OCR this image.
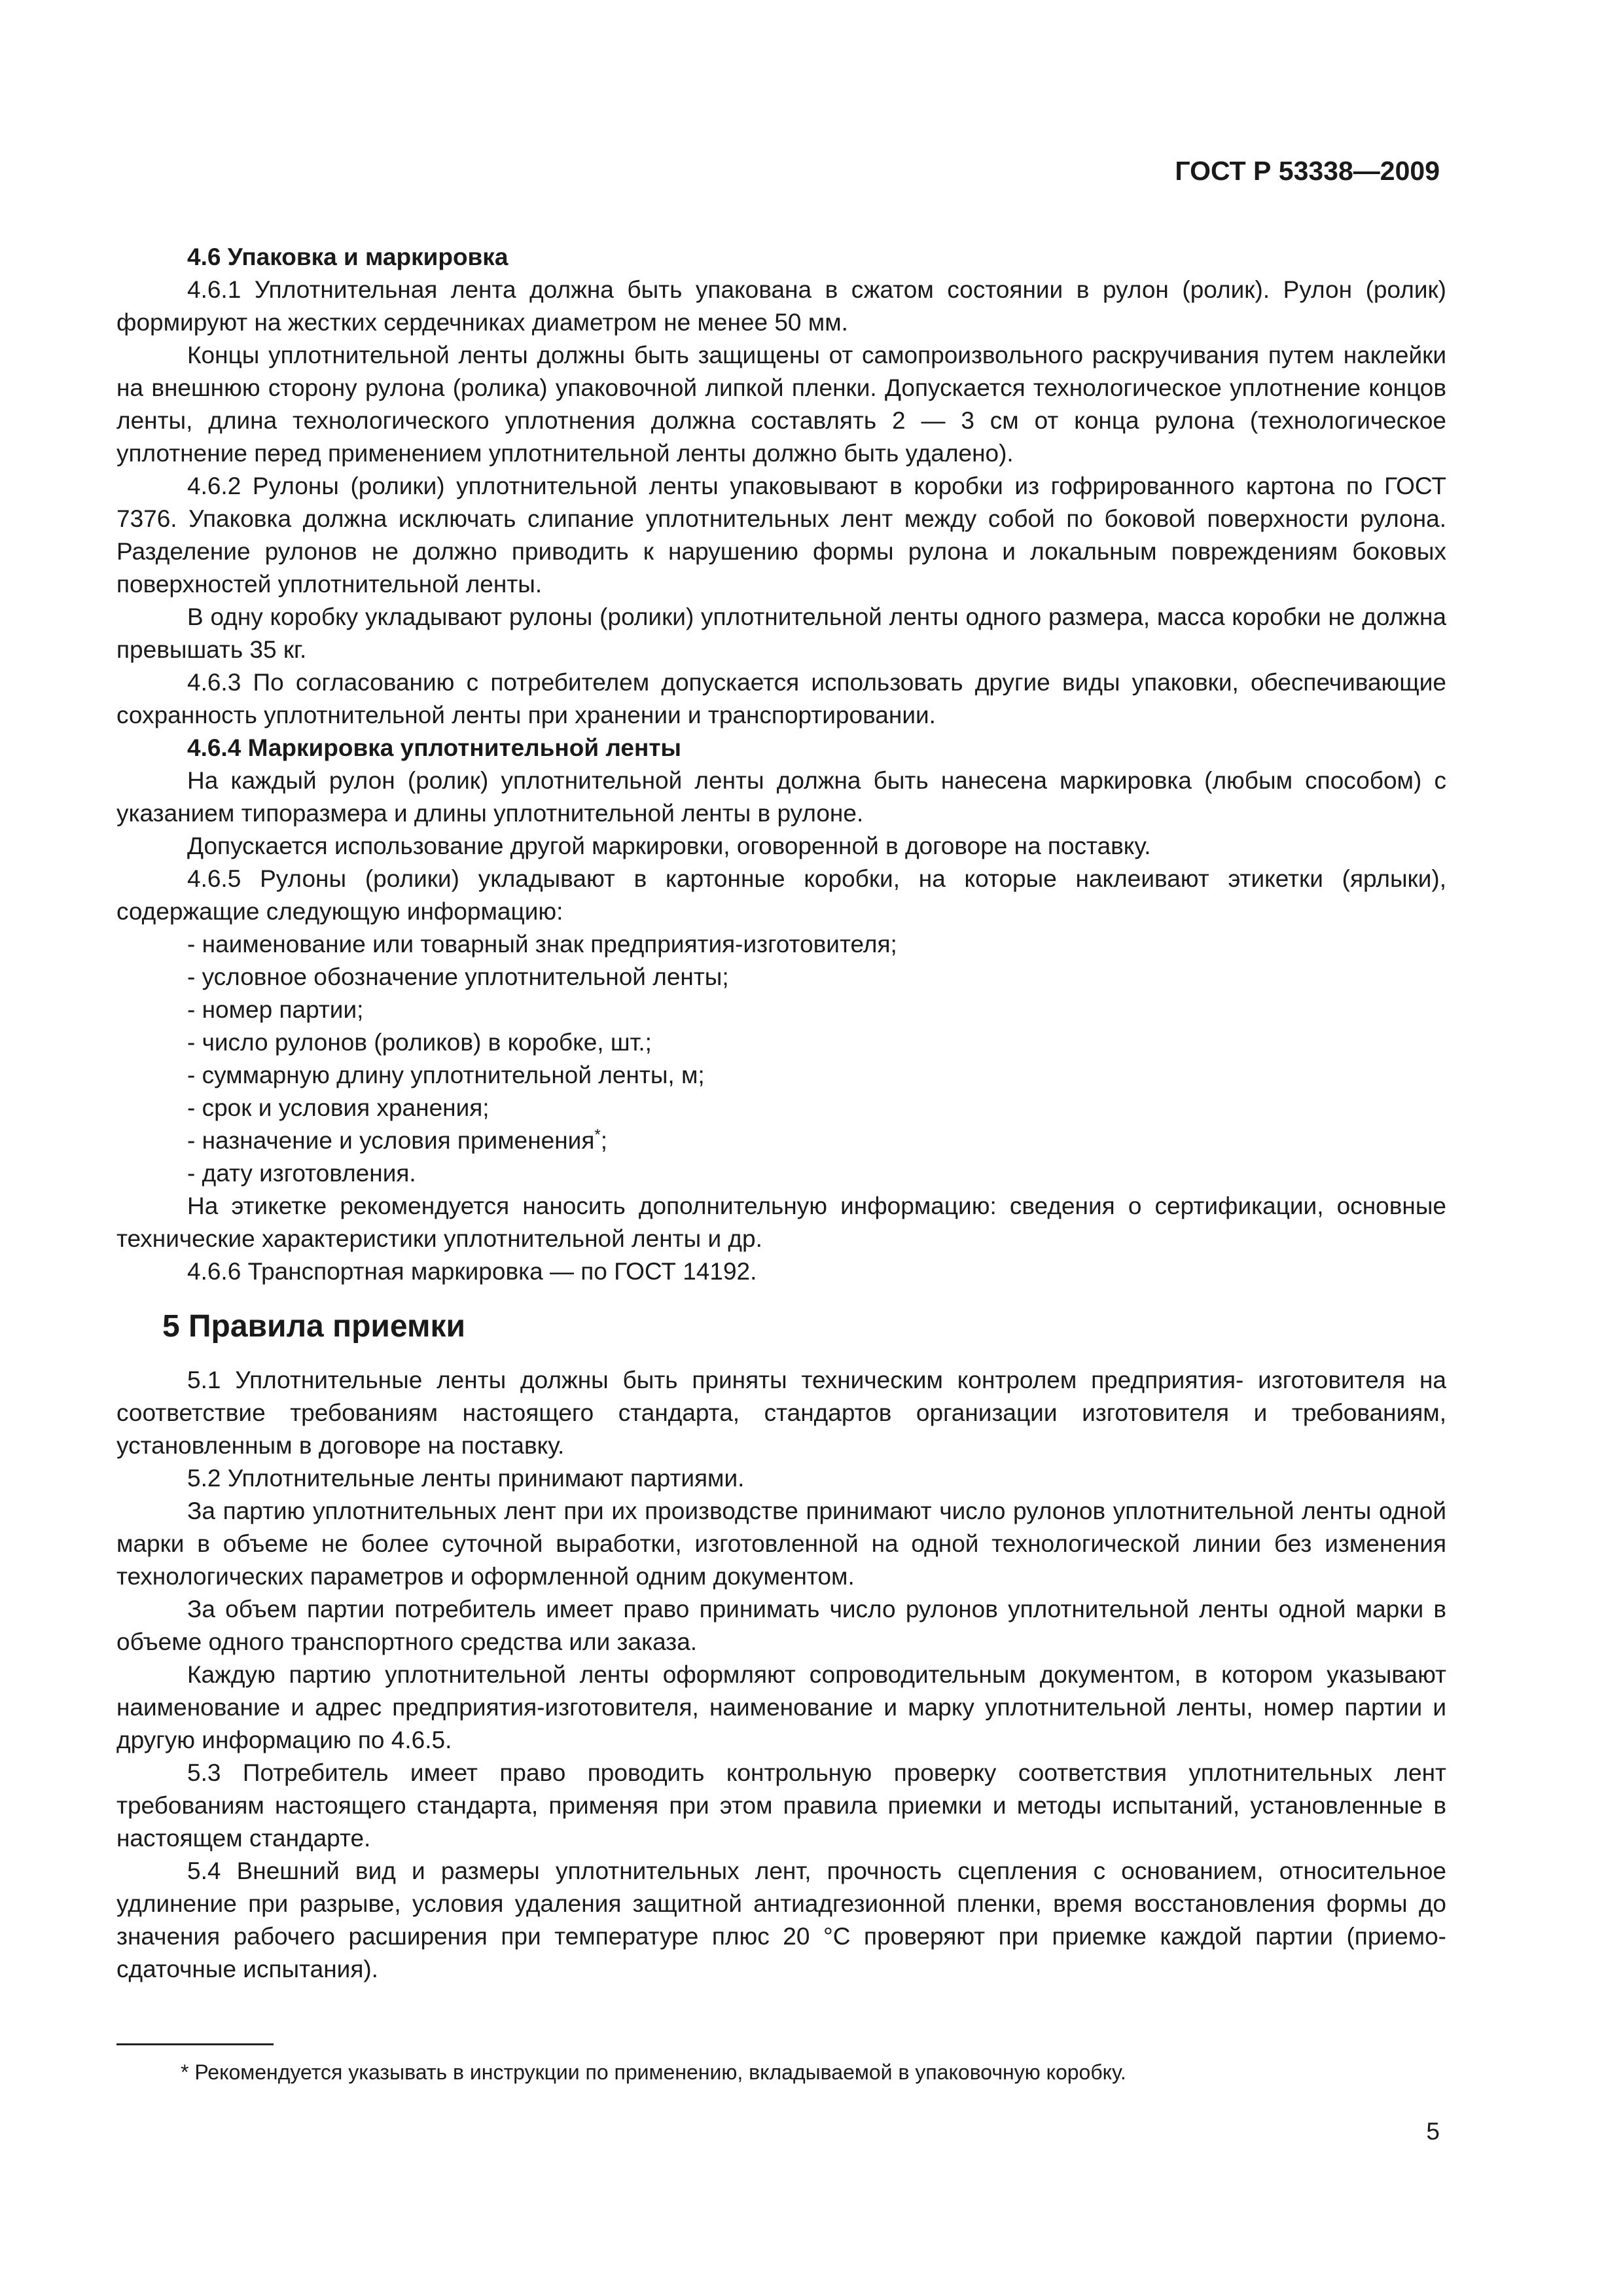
ГОСТ Р 53338—2009
4.6 Упаковка и маркировка

4.6.1 Уплотнительная лента должна быть упакована в сжатом состоянии в рулон (ролик). Рулон (ролик) формируют на жестких сердечниках диаметром не менее 50 мм.

Концы уплотнительной ленты должны быть защищены от самопроизвольного раскручивания путем наклейки на внешнюю сторону рулона (ролика) упаковочной липкой пленки. Допускается технологическое уплотнение концов ленты, длина технологического уплотнения должна составлять 2 — 3 см от конца рулона (технологическое уплотнение перед применением уплотнительной ленты должно быть удалено).

4.6.2 Рулоны (ролики) уплотнительной ленты упаковывают в коробки из гофрированного картона по ГОСТ 7376. Упаковка должна исключать слипание уплотнительных лент между собой по боковой поверхности рулона. Разделение рулонов не должно приводить к нарушению формы рулона и локальным повреждениям боковых поверхностей уплотнительной ленты.

В одну коробку укладывают рулоны (ролики) уплотнительной ленты одного размера, масса коробки не должна превышать 35 кг.

4.6.3 По согласованию с потребителем допускается использовать другие виды упаковки, обеспечивающие сохранность уплотнительной ленты при хранении и транспортировании.

4.6.4 Маркировка уплотнительной ленты

На каждый рулон (ролик) уплотнительной ленты должна быть нанесена маркировка (любым способом) с указанием типоразмера и длины уплотнительной ленты в рулоне.

Допускается использование другой маркировки, оговоренной в договоре на поставку.

4.6.5 Рулоны (ролики) укладывают в картонные коробки, на которые наклеивают этикетки (ярлыки), содержащие следующую информацию:

- наименование или товарный знак предприятия-изготовителя;

- условное обозначение уплотнительной ленты;

- номер партии;

- число рулонов (роликов) в коробке, шт.;

- суммарную длину уплотнительной ленты, м;

- срок и условия хранения;

- назначение и условия применения*;

- дату изготовления.

На этикетке рекомендуется наносить дополнительную информацию: сведения о сертификации, основные технические характеристики уплотнительной ленты и др.

4.6.6 Транспортная маркировка — по ГОСТ 14192.

5 Правила приемки

5.1 Уплотнительные ленты должны быть приняты техническим контролем предприятия- изготовителя на соответствие требованиям настоящего стандарта, стандартов организации изготовителя и требованиям, установленным в договоре на поставку.

5.2 Уплотнительные ленты принимают партиями.

За партию уплотнительных лент при их производстве принимают число рулонов уплотнительной ленты одной марки в объеме не более суточной выработки, изготовленной на одной технологической линии без изменения технологических параметров и оформленной одним документом.

За объем партии потребитель имеет право принимать число рулонов уплотнительной ленты одной марки в объеме одного транспортного средства или заказа.

Каждую партию уплотнительной ленты оформляют сопроводительным документом, в котором указывают наименование и адрес предприятия-изготовителя, наименование и марку уплотнительной ленты, номер партии и другую информацию по 4.6.5.

5.3 Потребитель имеет право проводить контрольную проверку соответствия уплотнительных лент требованиям настоящего стандарта, применяя при этом правила приемки и методы испытаний, установленные в настоящем стандарте.

5.4 Внешний вид и размеры уплотнительных лент, прочность сцепления с основанием, относительное удлинение при разрыве, условия удаления защитной антиадгезионной пленки, время восстановления формы до значения рабочего расширения при температуре плюс 20 °С проверяют при приемке каждой партии (приемо-сдаточные испытания).

* Рекомендуется указывать в инструкции по применению, вкладываемой в упаковочную коробку.
5
